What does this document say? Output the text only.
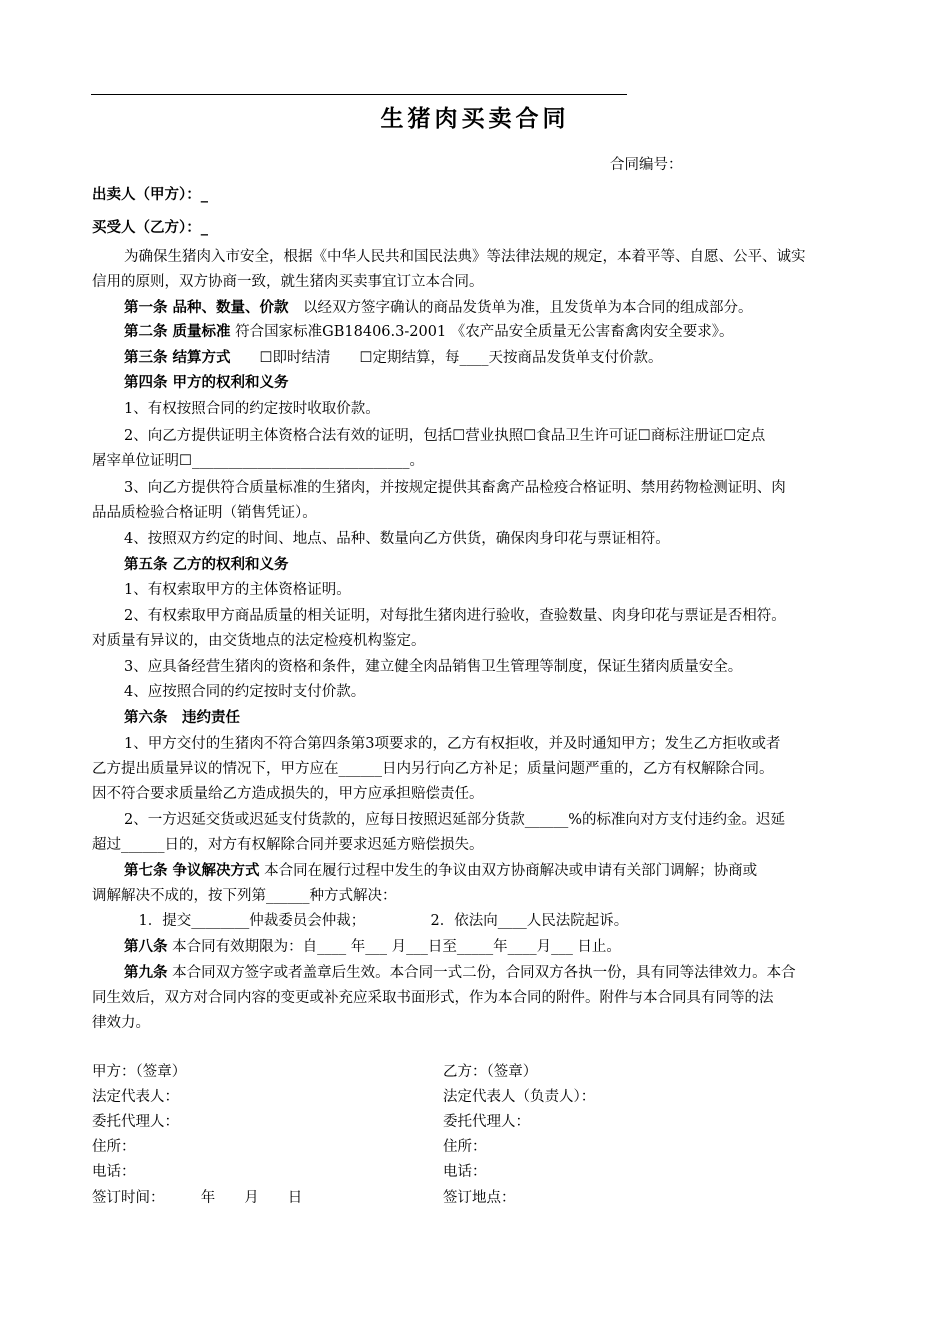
生猪肉买卖合同
合同编号：
出卖人（甲方）：_
买受人（乙方）：_
为确保生猪肉入市安全，根据《中华人民共和国民法典》等法律法规的规定，本着平等、自愿、公平、诚实
信用的原则，双方协商一致，就生猪肉买卖事宜订立本合同。
第一条 品种、数量、价款　以经双方签字确认的商品发货单为准，且发货单为本合同的组成部分。
第二条 质量标准 符合国家标准GB18406.3-2001 《农产品安全质量无公害畜禽肉安全要求》。
第三条 结算方式　　☐即时结清　　☐定期结算，每____天按商品发货单支付价款。
第四条 甲方的权利和义务
1、有权按照合同的约定按时收取价款。
2、向乙方提供证明主体资格合法有效的证明，包括☐营业执照☐食品卫生许可证☐商标注册证☐定点
屠宰单位证明☐______________________________。
3、向乙方提供符合质量标准的生猪肉，并按规定提供其畜禽产品检疫合格证明、禁用药物检测证明、肉
品品质检验合格证明（销售凭证）。
4、按照双方约定的时间、地点、品种、数量向乙方供货，确保肉身印花与票证相符。
第五条 乙方的权利和义务
1、有权索取甲方的主体资格证明。
2、有权索取甲方商品质量的相关证明，对每批生猪肉进行验收，查验数量、肉身印花与票证是否相符。
对质量有异议的，由交货地点的法定检疫机构鉴定。
3、应具备经营生猪肉的资格和条件，建立健全肉品销售卫生管理等制度，保证生猪肉质量安全。
4、应按照合同的约定按时支付价款。
第六条　违约责任
1、甲方交付的生猪肉不符合第四条第3项要求的，乙方有权拒收，并及时通知甲方；发生乙方拒收或者
乙方提出质量异议的情况下，甲方应在______日内另行向乙方补足；质量问题严重的，乙方有权解除合同。
因不符合要求质量给乙方造成损失的，甲方应承担赔偿责任。
2、一方迟延交货或迟延支付货款的，应每日按照迟延部分货款______%的标准向对方支付违约金。迟延
超过______日的，对方有权解除合同并要求迟延方赔偿损失。
第七条 争议解决方式 本合同在履行过程中发生的争议由双方协商解决或申请有关部门调解；协商或
调解解决不成的，按下列第______种方式解决：
　1．提交________仲裁委员会仲裁；　　　　　2．依法向____人民法院起诉。
第八条 本合同有效期限为：自____ 年___ 月___日至_____年____月___ 日止。
第九条 本合同双方签字或者盖章后生效。本合同一式二份，合同双方各执一份，具有同等法律效力。本合
同生效后，双方对合同内容的变更或补充应采取书面形式，作为本合同的附件。附件与本合同具有同等的法
律效力。
甲方：（签章）
法定代表人：
委托代理人：
住所：
电话：
签订时间：　　　年　　月　　日
乙方：（签章）
法定代表人（负责人）：
委托代理人：
住所：
电话：
签订地点：
